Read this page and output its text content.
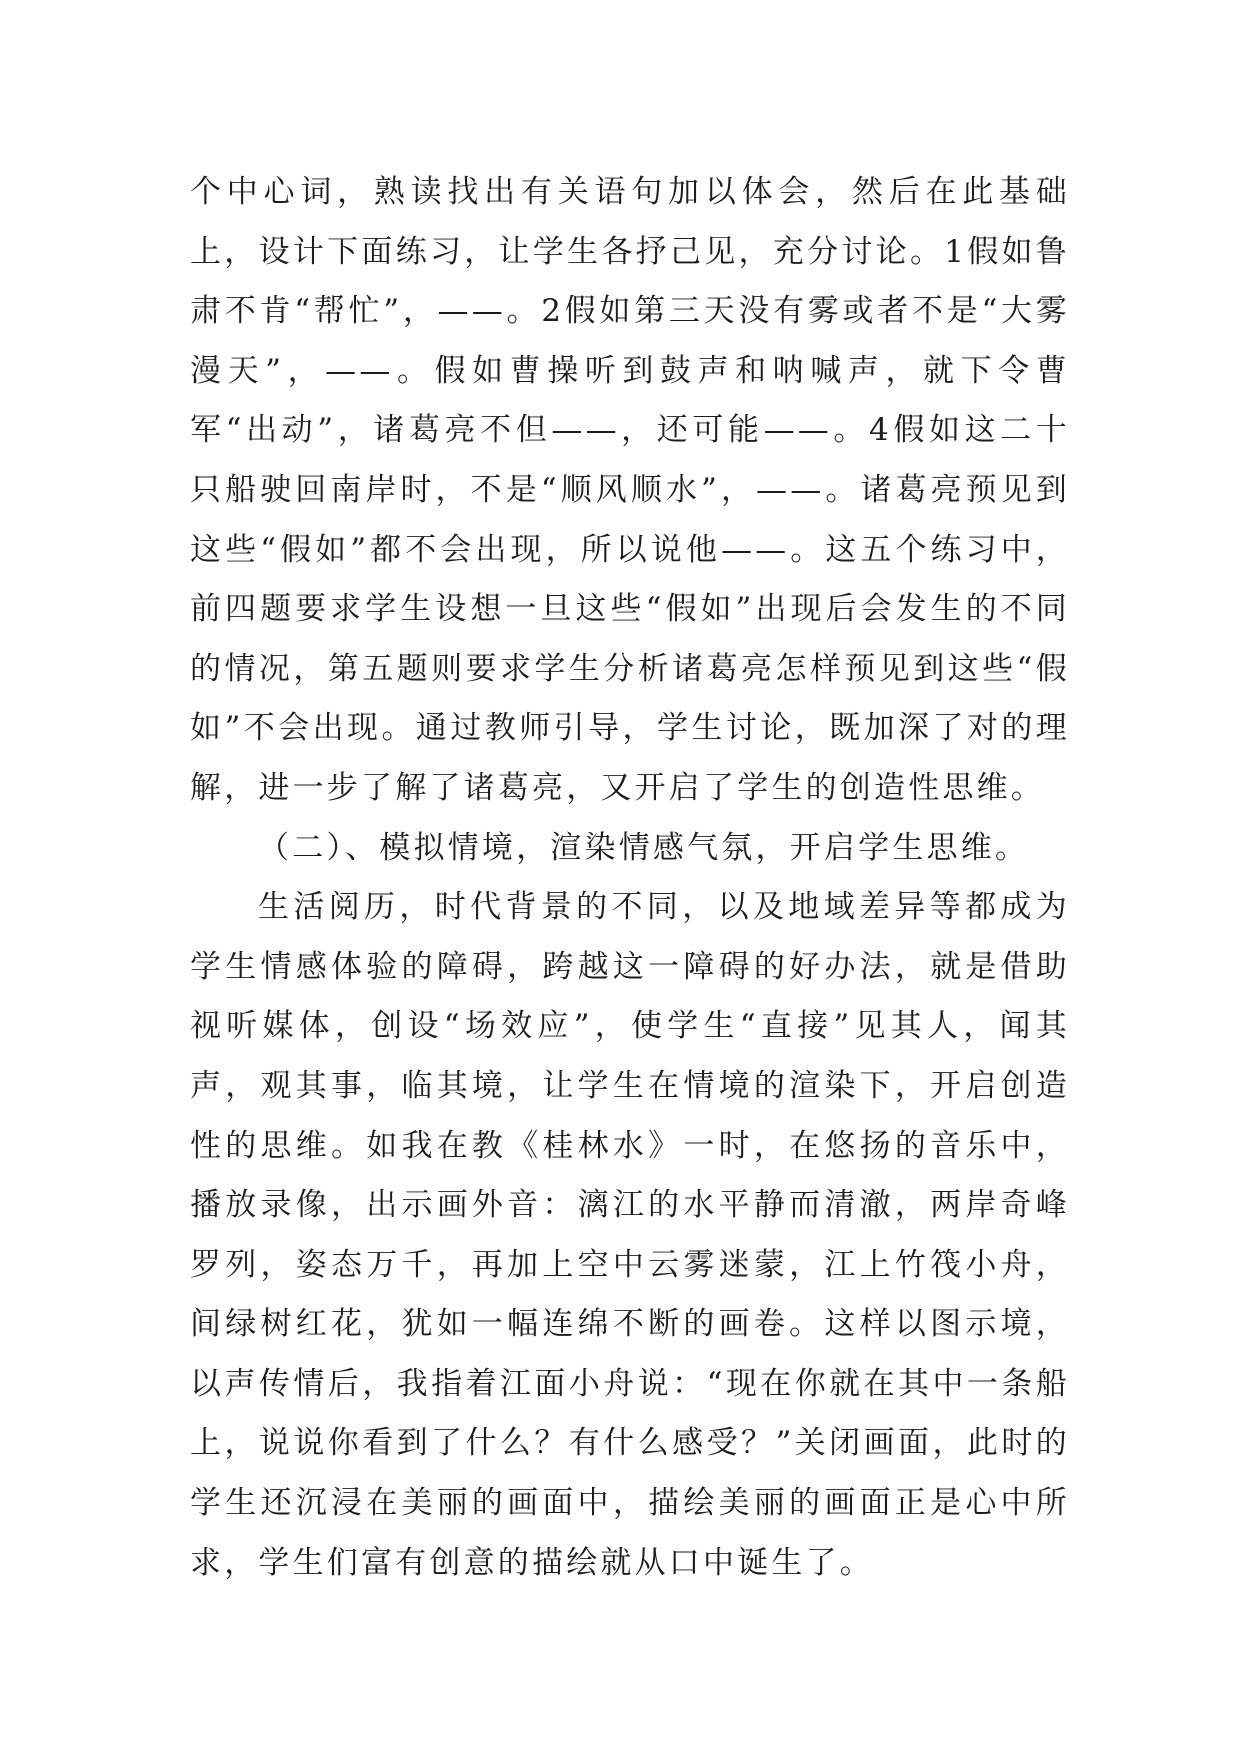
个中心词，熟读找出有关语句加以体会，然后在此基础上，设计下面练习，让学生各抒己见，充分讨论。1假如鲁肃不肯“帮忙”，——。2假如第三天没有雾或者不是“大雾漫天”，——。假如曹操听到鼓声和呐喊声，就下令曹军“出动”，诸葛亮不但——，还可能——。4假如这二十只船驶回南岸时，不是“顺风顺水”，——。诸葛亮预见到这些“假如”都不会出现，所以说他——。这五个练习中，前四题要求学生设想一旦这些“假如”出现后会发生的不同的情况，第五题则要求学生分析诸葛亮怎样预见到这些“假如”不会出现。通过教师引导，学生讨论，既加深了对的理解，进一步了解了诸葛亮，又开启了学生的创造性思维。

（二）、模拟情境，渲染情感气氛，开启学生思维。

生活阅历，时代背景的不同，以及地域差异等都成为学生情感体验的障碍，跨越这一障碍的好办法，就是借助视听媒体，创设“场效应”，使学生“直接”见其人，闻其声，观其事，临其境，让学生在情境的渲染下，开启创造性的思维。如我在教《桂林水》一时，在悠扬的音乐中，播放录像，出示画外音：漓江的水平静而清澈，两岸奇峰罗列，姿态万千，再加上空中云雾迷蒙，江上竹筏小舟，间绿树红花，犹如一幅连绵不断的画卷。这样以图示境，以声传情后，我指着江面小舟说：“现在你就在其中一条船上，说说你看到了什么？有什么感受？”关闭画面，此时的学生还沉浸在美丽的画面中，描绘美丽的画面正是心中所求，学生们富有创意的描绘就从口中诞生了。
